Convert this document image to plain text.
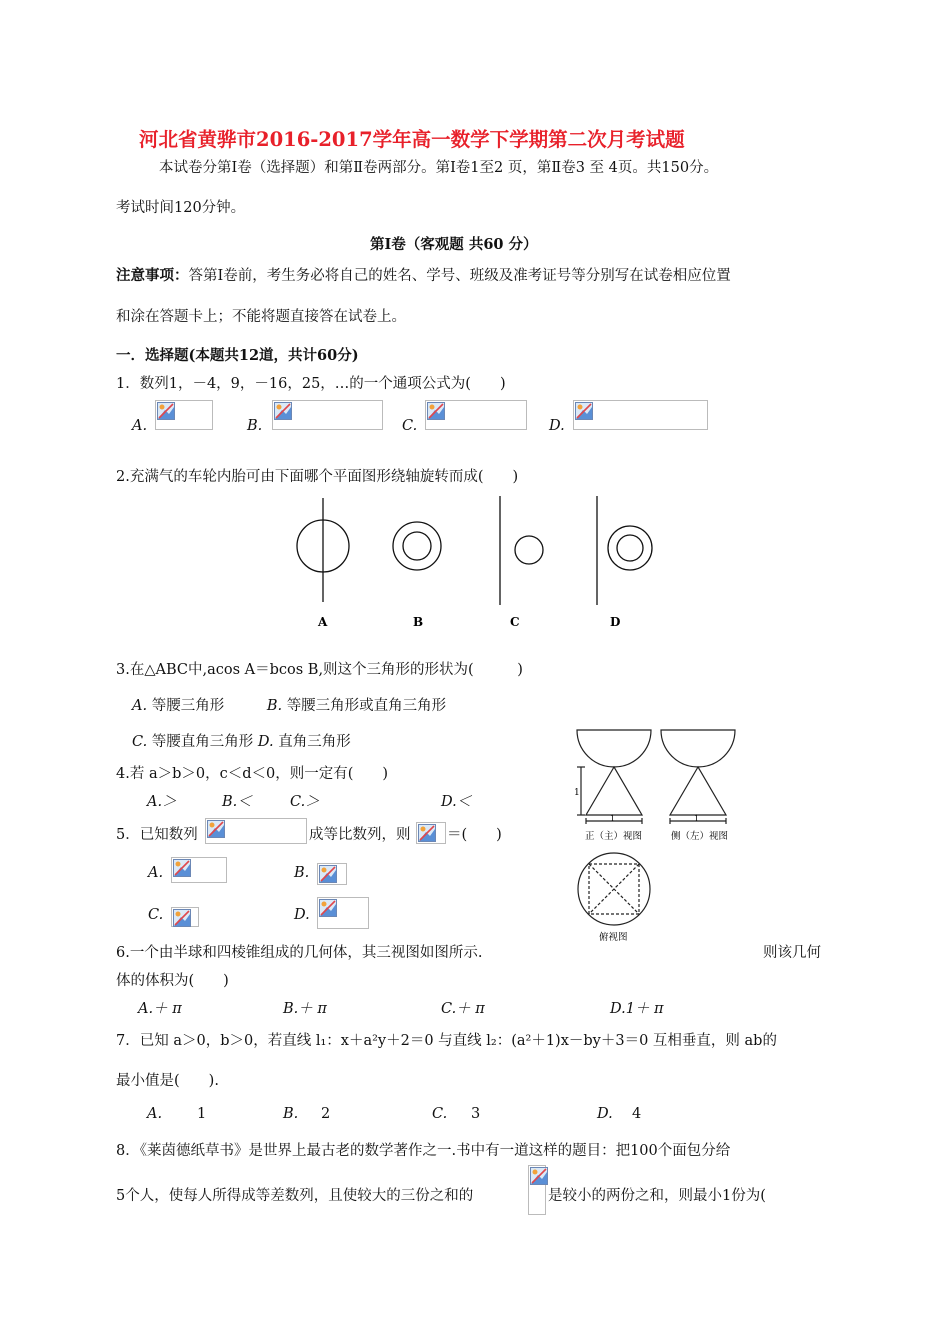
河北省黄骅市2016-2017学年高一数学下学期第二次月考试题
本试卷分第Ⅰ卷（选择题）和第Ⅱ卷两部分。第Ⅰ卷1至2 页，第Ⅱ卷3 至 4页。共150分。
考试时间120分钟。
第Ⅰ卷（客观题 共60 分）
注意事项：答第Ⅰ卷前，考生务必将自己的姓名、学号、班级及准考证号等分别写在试卷相应位置
和涂在答题卡上；不能将题直接答在试卷上。
一．选择题(本题共12道，共计60分)
1．数列1，－4，9，－16，25，…的一个通项公式为(　　)
A.	B.	C.	D.
2.充满气的车轮内胎可由下面哪个平面图形绕轴旋转而成(　　)
A	B	C	D
3.在△ABC中,acos A＝bcos B,则这个三角形的形状为(　　　)
A. 等腰三角形	B. 等腰三角形或直角三角形
C. 等腰直角三角形 D. 直角三角形
4.若 a＞b＞0，c＜d＜0，则一定有(　　)
A.＞	B.＜	C.＞	D.＜
5．已知数列	成等比数列，则	＝(　　)
A.	B.
C.	D.
1
1
正（主）视图
1
侧（左）视图
俯视图
6.一个由半球和四棱锥组成的几何体，其三视图如图所示.	则该几何
体的体积为(　　)
A.＋ π	B.＋ π	C.＋ π	D.1＋ π
7．已知 a＞0，b＞0，若直线 l₁：x＋a²y＋2＝0 与直线 l₂：(a²＋1)x－by＋3＝0 互相垂直，则 ab的
最小值是(　　).
A. 1	B. 2	C. 3	D. 4
8．《莱茵德纸草书》是世界上最古老的数学著作之一.书中有一道这样的题目：把100个面包分给
5个人，使每人所得成等差数列，且使较大的三份之和的	是较小的两份之和，则最小1份为(
